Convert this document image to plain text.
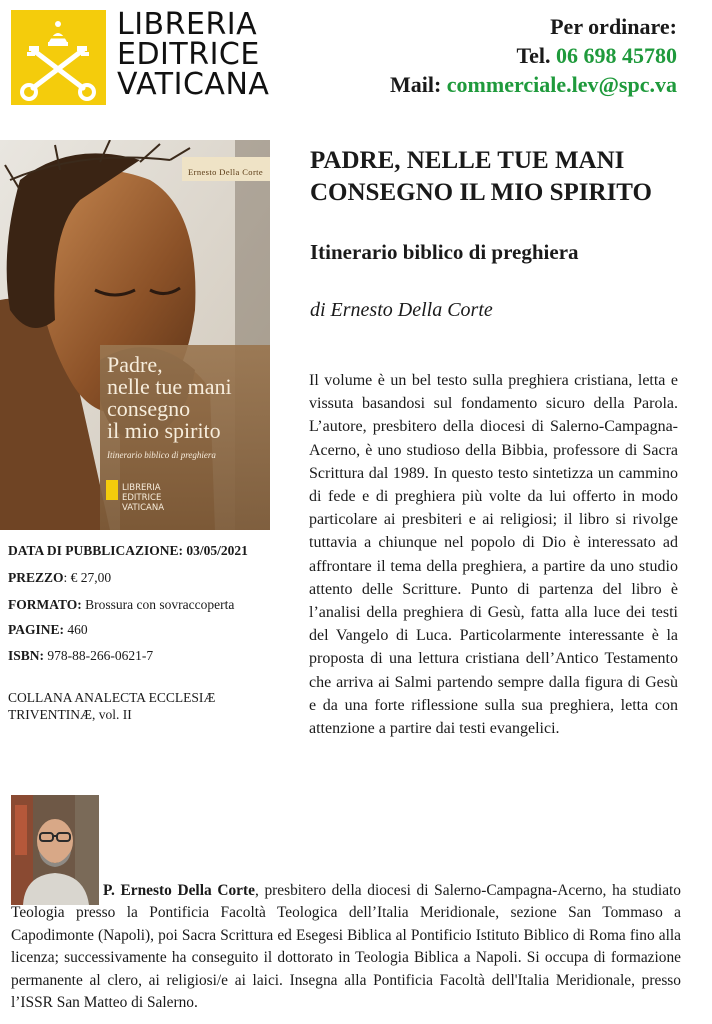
LIBRERIA
EDITRICE
VATICANA
Per ordinare:
Tel. 06 698 45780
Mail: commerciale.lev@spc.va
Ernesto Della Corte
Padre,
nelle tue mani
consegno
il mio spirito
Itinerario biblico di preghiera
LIBRERIA
EDITRICE
VATICANA
PADRE, NELLE TUE MANI CONSEGNO IL MIO SPIRITO
Itinerario biblico di preghiera
di Ernesto Della Corte
Il volume è un bel testo sulla preghiera cristiana, letta e vissuta basandosi sul fondamento sicuro della Parola. L’autore, presbitero della diocesi di Salerno-Campagna-Acerno, è uno studioso della Bibbia, professore di Sacra Scrittura dal 1989. In questo testo sintetizza un cammino di fede e di preghiera più volte da lui offerto in modo particolare ai presbiteri e ai religiosi; il libro si rivolge tuttavia a chiunque nel popolo di Dio è interessato ad affrontare il tema della preghiera, a partire da uno studio attento delle Scritture. Punto di partenza del libro è l’analisi della preghiera di Gesù, fatta alla luce dei testi del Vangelo di Luca. Particolarmente interessante è la proposta di una lettura cristiana dell’Antico Testamento che arriva ai Salmi partendo sempre dalla figura di Gesù e da una forte riflessione sulla sua preghiera, letta con attenzione a partire dai testi evangelici.
DATA DI PUBBLICAZIONE: 03/05/2021
PREZZO: € 27,00
FORMATO: Brossura con sovraccoperta
PAGINE: 460
ISBN: 978-88-266-0621-7
COLLANA ANALECTA ECCLESIÆ TRIVENTINÆ, vol. II
P. Ernesto Della Corte, presbitero della diocesi di Salerno-Campagna-Acerno, ha studiato Teologia presso la Pontificia Facoltà Teologica dell’Italia Meridionale, sezione San Tommaso a Capodimonte (Napoli), poi Sacra Scrittura ed Esegesi Biblica al Pontificio Istituto Biblico di Roma fino alla licenza; successivamente ha conseguito il dottorato in Teologia Biblica a Napoli. Si occupa di formazione permanente al clero, ai religiosi/e ai laici. Insegna alla Pontificia Facoltà dell'Italia Meridionale, presso l’ISSR San Matteo di Salerno.
